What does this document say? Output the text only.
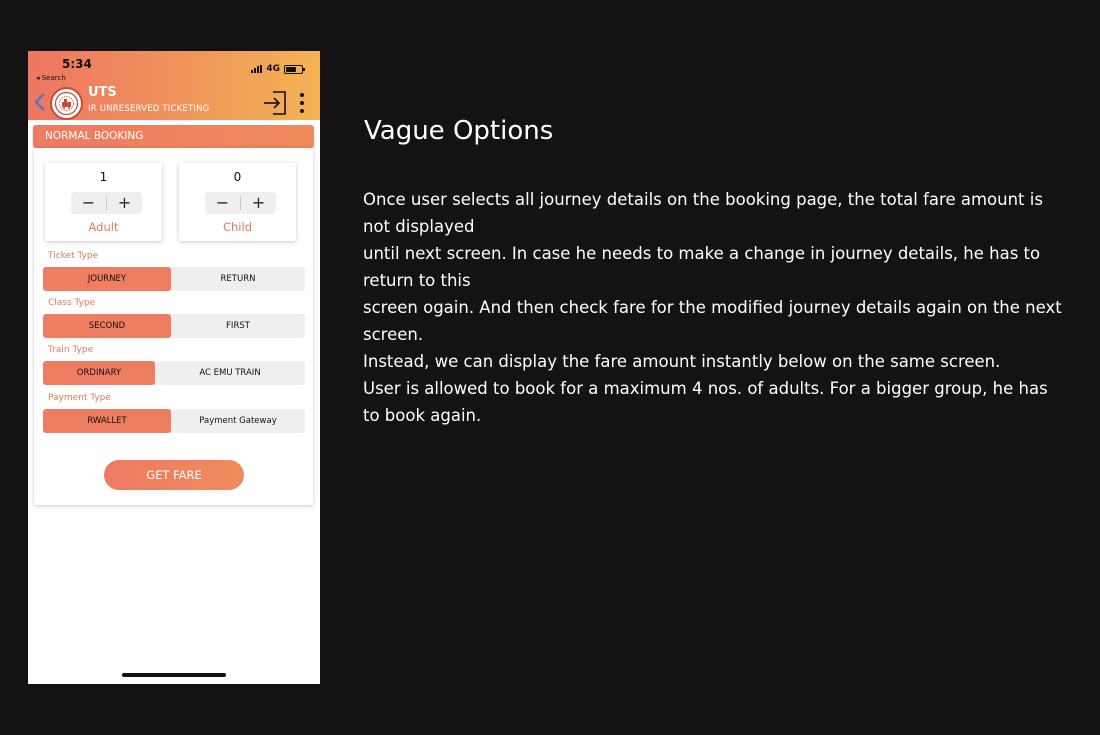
5:34
◂ Search
4G
UTS
IR UNRESERVED TICKETING
NORMAL BOOKING
1
−	+
Adult
0
−	+
Child
Ticket Type
JOURNEY	RETURN
Class Type
SECOND	FIRST
Train Type
ORDINARY	AC EMU TRAIN
Payment Type
RWALLET	Payment Gateway
GET FARE
Vague Options

Once user selects all journey details on the booking page, the total fare amount is not displayed

until next screen. In case he needs to make a change in journey details, he has to return to this

screen ogain. And then check fare for the modified journey details again on the next screen.

Instead, we can display the fare amount instantly below on the same screen.

User is allowed to book for a maximum 4 nos. of adults. For a bigger group, he has to book again.
